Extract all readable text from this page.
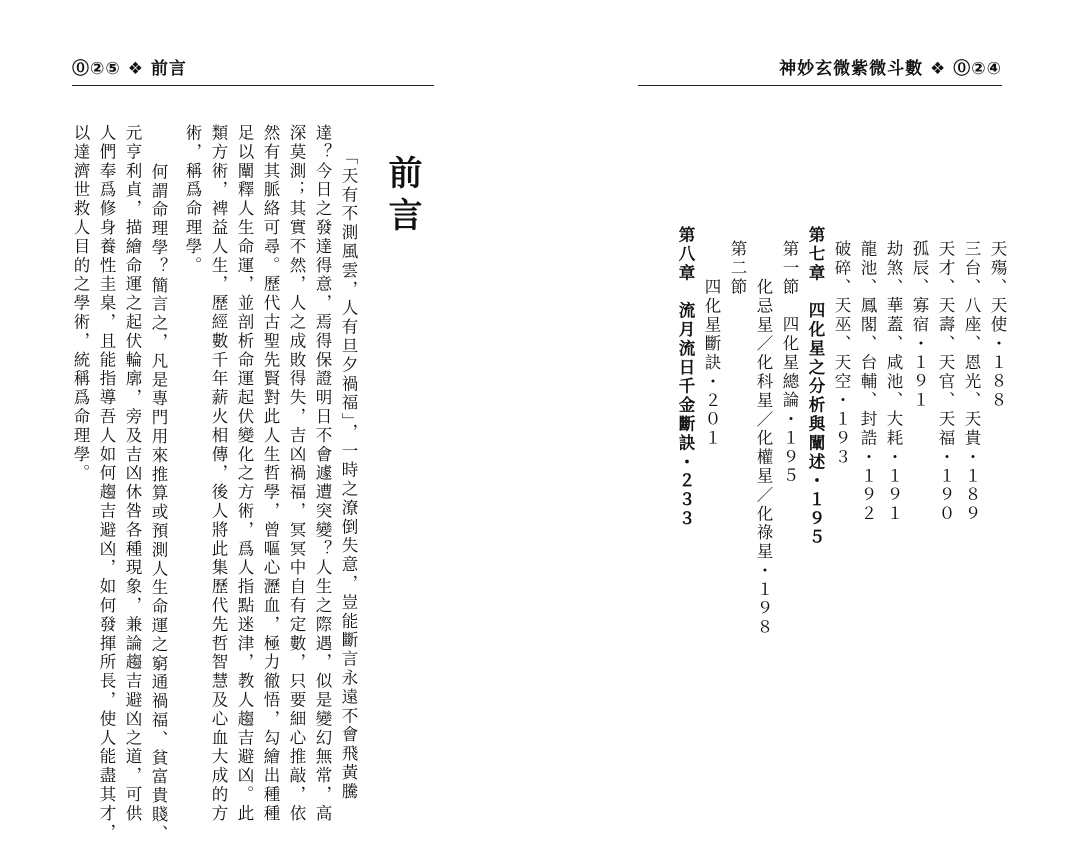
⓪②⑤ ❖ 前言
前言
「天有不測風雲，人有旦夕禍福」，一時之潦倒失意，豈能斷言永遠不會飛黃騰
達？今日之發達得意，焉得保證明日不會遽遭突變？人生之際遇，似是變幻無常，高
深莫測；其實不然，人之成敗得失，吉凶禍福，冥冥中自有定數，只要細心推敲，依
然有其脈絡可尋。歷代古聖先賢對此人生哲學，曾嘔心瀝血，極力徹悟，勾繪出種種
足以闡釋人生命運，並剖析命運起伏變化之方術，爲人指點迷津，教人趨吉避凶。此
類方術，裨益人生，歷經數千年薪火相傳，後人將此集歷代先哲智慧及心血大成的方
術，稱爲命理學。
　何謂命理學？簡言之，凡是專門用來推算或預測人生命運之窮通禍福、貧富貴賤、
元亨利貞，描繪命運之起伏輪廓，旁及吉凶休咎各種現象，兼論趨吉避凶之道，可供
人們奉爲修身養性圭臬，且能指導吾人如何趨吉避凶，如何發揮所長，使人能盡其才，
以達濟世救人目的之學術，統稱爲命理學。
神妙玄微紫微斗數 ❖ ⓪②④
天殤、天使・１８８
三台、八座、恩光、天貴・１８９
天才、天壽、天官、天福・１９０
孤辰、寡宿・１９１
劫煞、華蓋、咸池、大耗・１９１
龍池、鳳閣、台輔、封誥・１９２
破碎、天巫、天空・１９３
第七章　四化星之分析與闡述・１９５
第一節　四化星總論・１９５
化忌星／化科星／化權星／化祿星・１９８
第二節
四化星斷訣・２０１
第八章　流月流日千金斷訣・２３３
